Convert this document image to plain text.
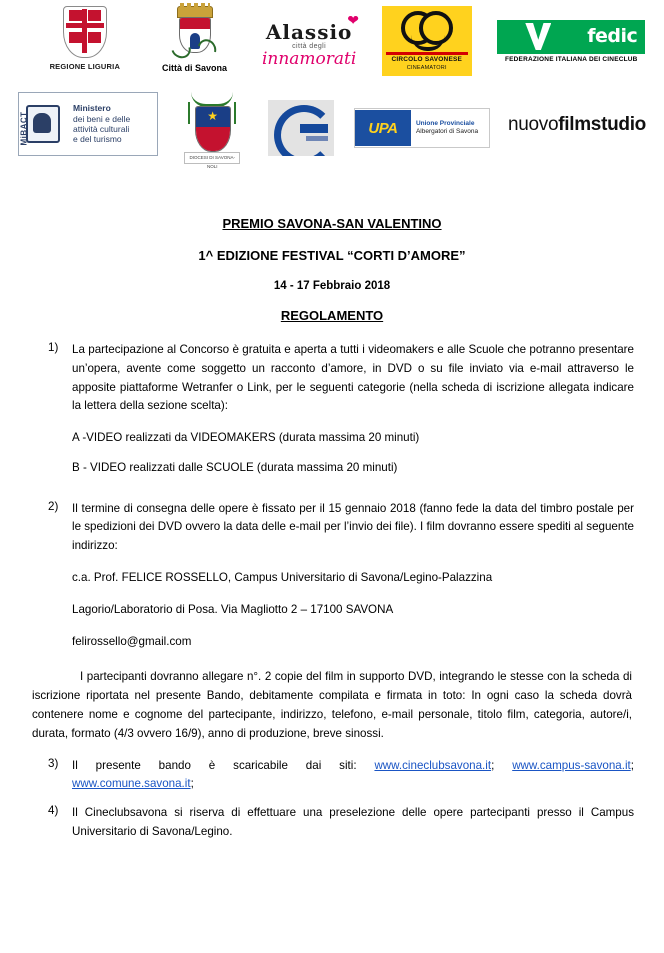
REGIONE LIGURIA	Città di Savona
Alassio
città degli
innamorati
❤
CIRCOLO SAVONESE
CINEAMATORI
fedic
FEDERAZIONE ITALIANA DEI CINECLUB
MiBACT
Ministero
dei beni e delle
attività culturali
e del turismo
★
DIOCESI DI SAVONA-NOLI
UPA	Unione Provinciale
Albergatori di Savona	nuovofilmstudio
PREMIO SAVONA-SAN VALENTINO
1^ EDIZIONE FESTIVAL “CORTI D’AMORE”
14 - 17 Febbraio 2018
REGOLAMENTO
1)	La partecipazione al Concorso è gratuita e aperta a tutti i videomakers e alle Scuole che potranno presentare un’opera, avente come soggetto un racconto d’amore, in DVD o su file inviato via e-mail attraverso le apposite piattaforme Wetranfer o Link, per le seguenti categorie (nella scheda di iscrizione allegata indicare la lettera della sezione scelta):
A -VIDEO realizzati da VIDEOMAKERS (durata massima 20 minuti)
B - VIDEO realizzati dalle SCUOLE (durata massima 20 minuti)
2)	Il termine di consegna delle opere è fissato per il 15 gennaio 2018 (fanno fede la data del timbro postale per le spedizioni dei DVD ovvero la data delle e-mail per l’invio dei file). I film dovranno essere spediti al seguente indirizzo:
c.a. Prof. FELICE ROSSELLO, Campus Universitario di Savona/Legino-Palazzina
Lagorio/Laboratorio di Posa. Via Magliotto 2 – 17100 SAVONA
felirossello@gmail.com
I partecipanti dovranno allegare n°. 2 copie del film in supporto DVD, integrando le stesse con la scheda di iscrizione riportata nel presente Bando, debitamente compilata e firmata in toto: In ogni caso la scheda dovrà contenere nome e cognome del partecipante, indirizzo, telefono, e-mail personale, titolo film, categoria, autore/i, durata, formato (4/3 ovvero 16/9), anno di produzione, breve sinossi.
3)	Il presente bando è scaricabile dai siti: www.cineclubsavona.it; www.campus-savona.it; www.comune.savona.it;
4)	Il Cineclubsavona si riserva di effettuare una preselezione delle opere partecipanti presso il Campus Universitario di Savona/Legino.
